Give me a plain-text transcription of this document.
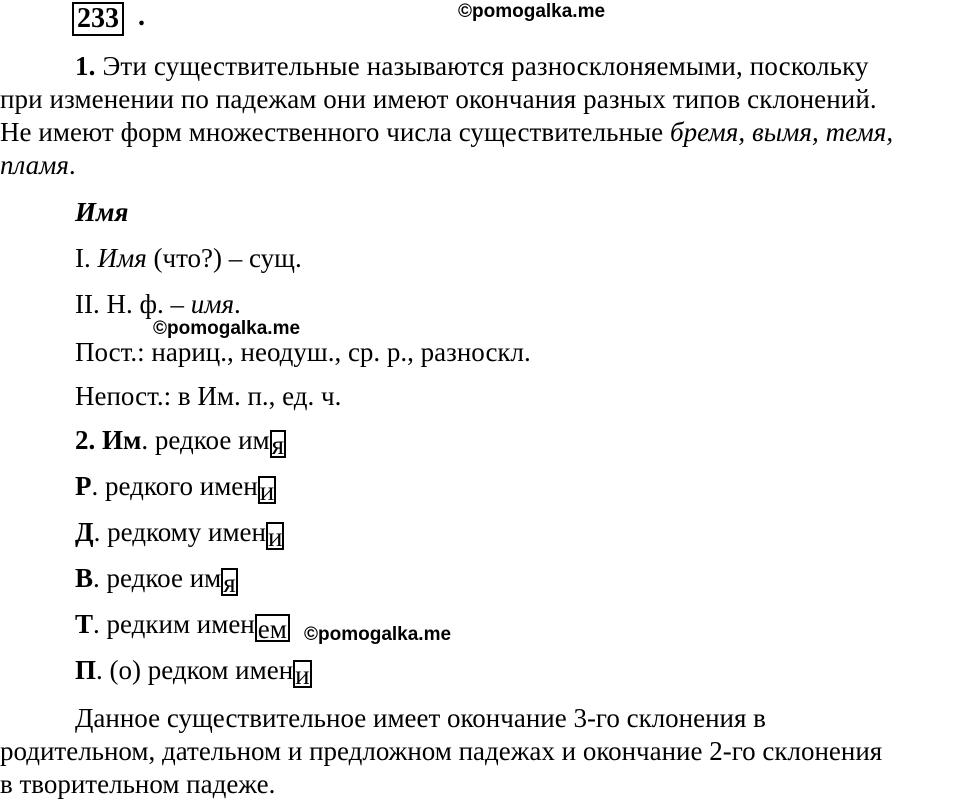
233 .	©pomogalka.me

1. Эти существительные называются разносклоняемыми, поскольку

при изменении по падежам они имеют окончания разных типов склонений.

Не имеют форм множественного числа существительные бремя, вымя, темя,

пламя.

Имя
I. Имя (что?) – сущ.
II. Н. ф. – имя.
©pomogalka.me
Пост.: нариц., неодуш., ср. р., разноскл.
Непост.: в Им. п., ед. ч.
2. Им. редкое имя
Р. редкого имени
Д. редкому имени
В. редкое имя
Т. редким имен ем ©pomogalka.me
П. (о) редком имени

Данное существительное имеет окончание 3-го склонения в

родительном, дательном и предложном падежах и окончание 2-го склонения

в творительном падеже.
